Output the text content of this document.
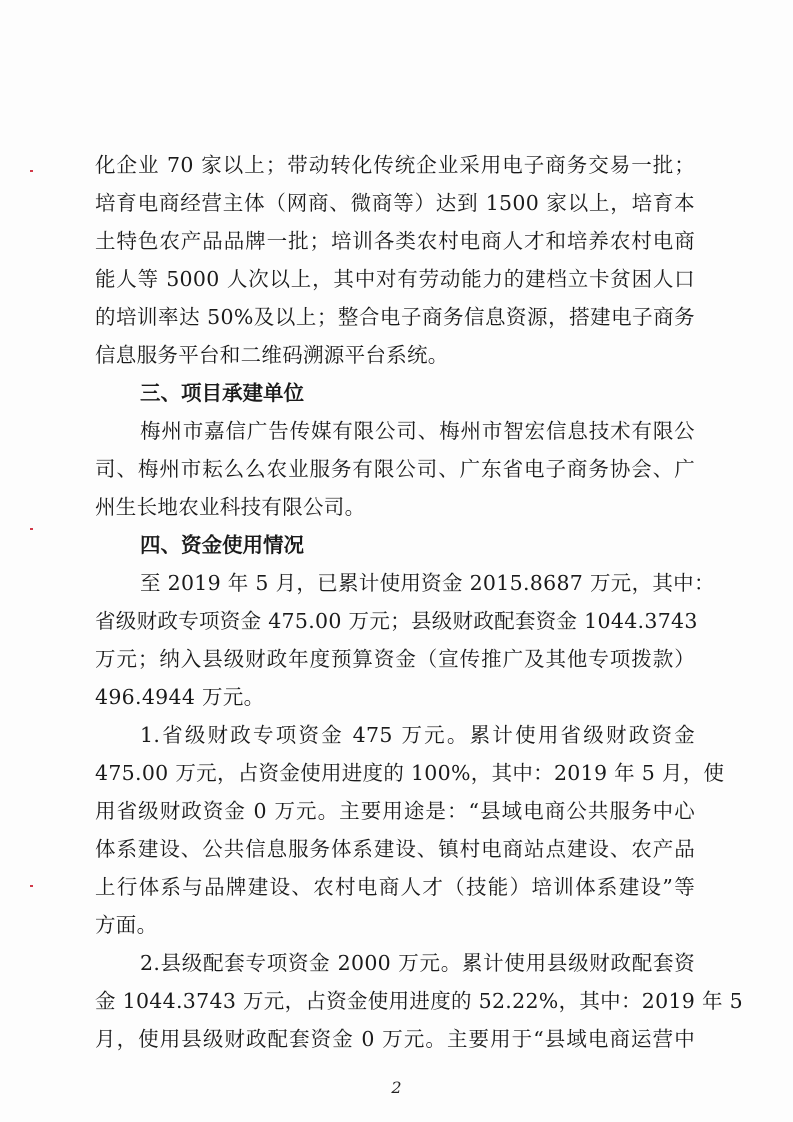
化企业 70 家以上；带动转化传统企业采用电子商务交易一批；
培育电商经营主体（网商、微商等）达到 1500 家以上，培育本
土特色农产品品牌一批；培训各类农村电商人才和培养农村电商
能人等 5000 人次以上，其中对有劳动能力的建档立卡贫困人口
的培训率达 50%及以上；整合电子商务信息资源，搭建电子商务
信息服务平台和二维码溯源平台系统。
三、项目承建单位
梅州市嘉信广告传媒有限公司、梅州市智宏信息技术有限公
司、梅州市耘么么农业服务有限公司、广东省电子商务协会、广
州生长地农业科技有限公司。
四、资金使用情况
至 2019 年 5 月，已累计使用资金 2015.8687 万元，其中：
省级财政专项资金 475.00 万元；县级财政配套资金 1044.3743
万元；纳入县级财政年度预算资金（宣传推广及其他专项拨款）
496.4944 万元。
1.省级财政专项资金 475 万元。累计使用省级财政资金
475.00 万元，占资金使用进度的 100%，其中：2019 年 5 月，使
用省级财政资金 0 万元。主要用途是：“县域电商公共服务中心
体系建设、公共信息服务体系建设、镇村电商站点建设、农产品
上行体系与品牌建设、农村电商人才（技能）培训体系建设”等
方面。
2.县级配套专项资金 2000 万元。累计使用县级财政配套资
金 1044.3743 万元，占资金使用进度的 52.22%，其中：2019 年 5
月，使用县级财政配套资金 0 万元。主要用于“县域电商运营中
2
